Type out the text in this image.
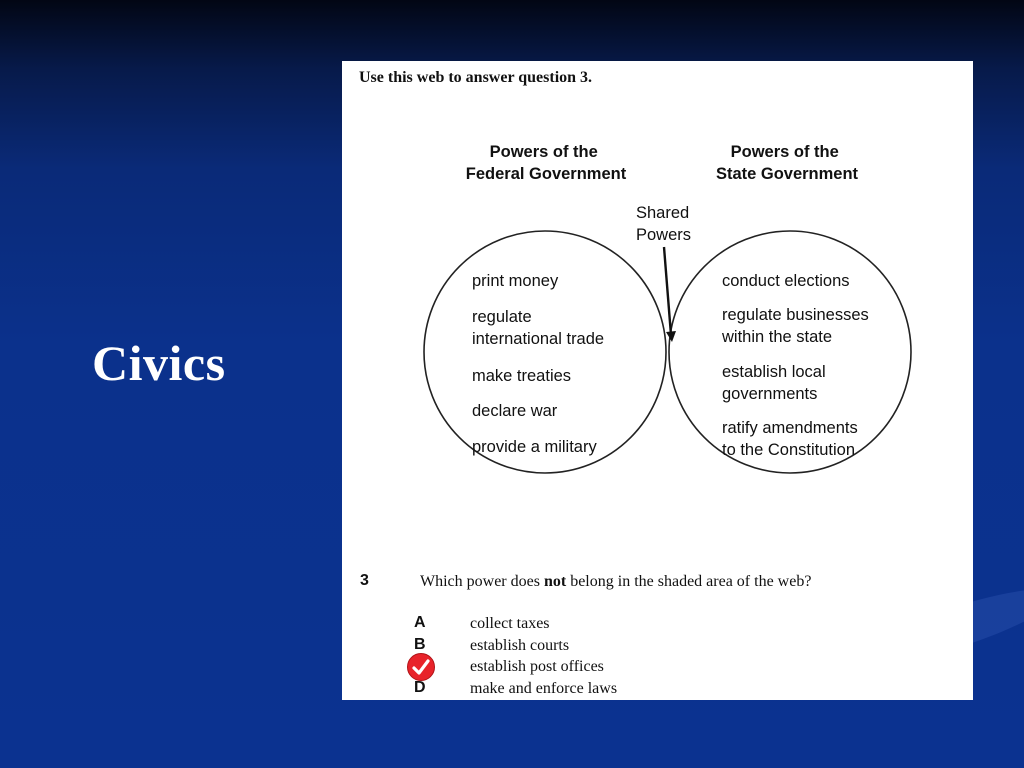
Civics
Use this web to answer question 3.
Powers of the Federal Government
Powers of the State Government
Shared Powers
print money
regulate international trade
make treaties
declare war
provide a military
conduct elections
regulate businesses within the state
establish local governments
ratify amendments to the Constitution
3	Which power does not belong in the shaded area of the web?
A	collect taxes
B	establish courts
establish post offices
D	make and enforce laws
